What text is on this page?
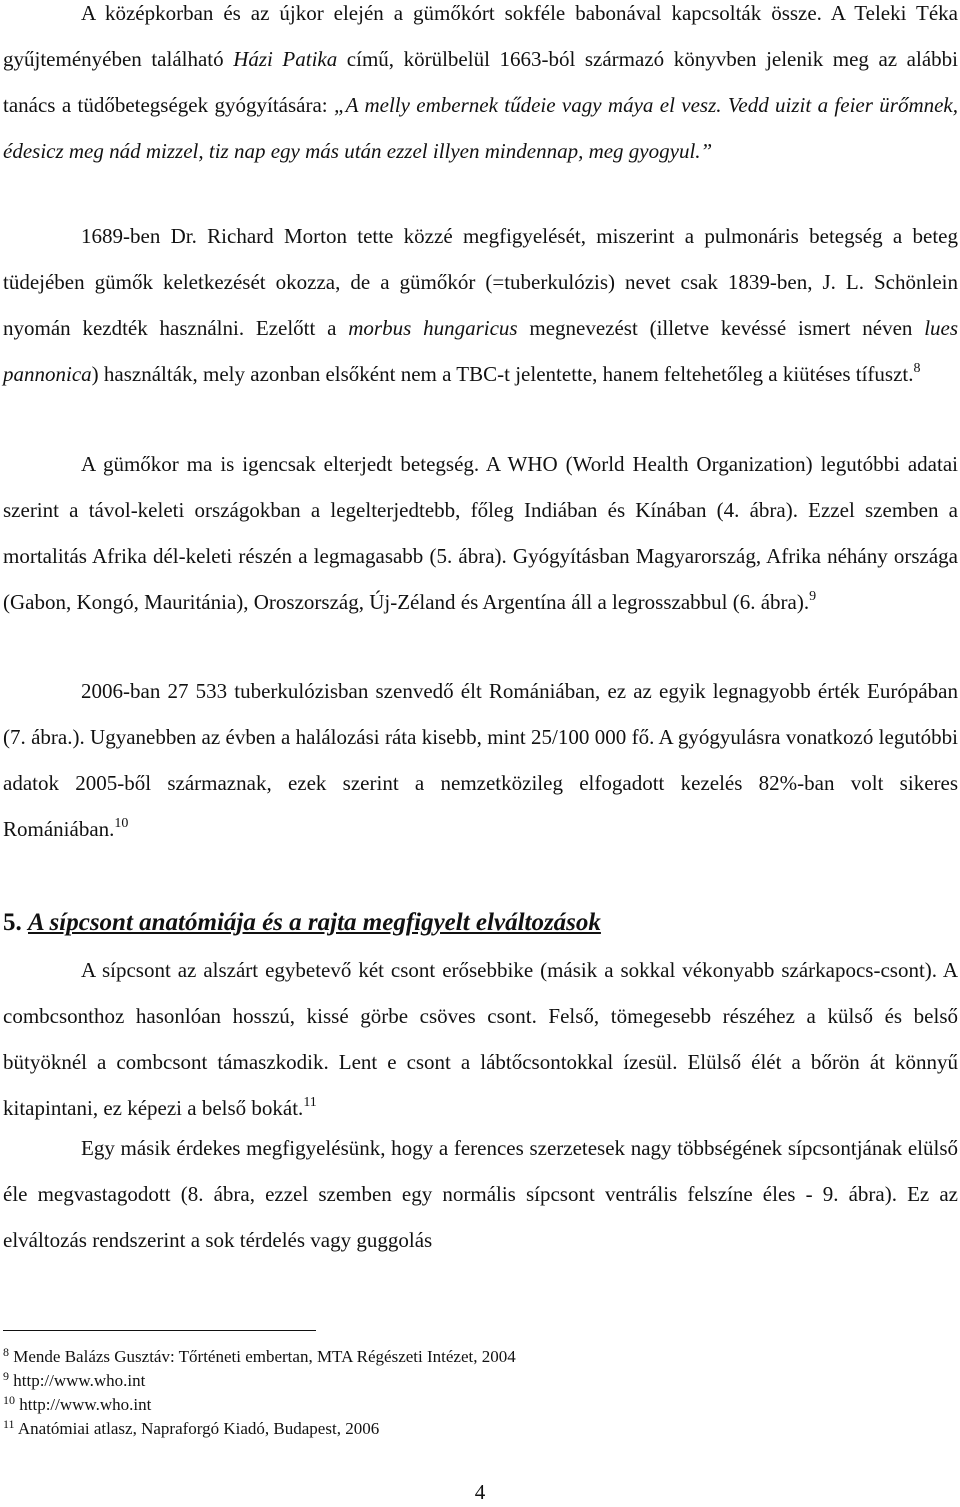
A középkorban és az újkor elején a gümőkórt sokféle babonával kapcsolták össze. A Teleki Téka gyűjteményében található Házi Patika című, körülbelül 1663-ból származó könyvben jelenik meg az alábbi tanács a tüdőbetegségek gyógyítására: „A melly embernek tűdeie vagy máya el vesz. Vedd uizit a feier ürőmnek, édesicz meg nád mizzel, tiz nap egy más után ezzel illyen mindennap, meg gyogyul.”

1689-ben Dr. Richard Morton tette közzé megfigyelését, miszerint a pulmonáris betegség a beteg tüdejében gümők keletkezését okozza, de a gümőkór (=tuberkulózis) nevet csak 1839-ben, J. L. Schönlein nyomán kezdték használni. Ezelőtt a morbus hungaricus megnevezést (illetve kevéssé ismert néven lues pannonica) használták, mely azonban elsőként nem a TBC-t jelentette, hanem feltehetőleg a kiütéses tífuszt.$^8$

A gümőkor ma is igencsak elterjedt betegség. A WHO (World Health Organization) legutóbbi adatai szerint a távol-keleti országokban a legelterjedtebb, főleg Indiában és Kínában (4. ábra). Ezzel szemben a mortalitás Afrika dél-keleti részén a legmagasabb (5. ábra). Gyógyításban Magyarország, Afrika néhány országa (Gabon, Kongó, Mauritánia), Oroszország, Új-Zéland és Argentína áll a legrosszabbul (6. ábra).$^9$

2006-ban 27 533 tuberkulózisban szenvedő élt Romániában, ez az egyik legnagyobb érték Európában (7. ábra.). Ugyanebben az évben a halálozási ráta kisebb, mint 25/100 000 fő. A gyógyulásra vonatkozó legutóbbi adatok 2005-ből származnak, ezek szerint a nemzetközileg elfogadott kezelés 82%-ban volt sikeres Romániában.$^{10}$

5. A sípcsont anatómiája és a rajta megfigyelt elváltozások

A sípcsont az alszárt egybetevő két csont erősebbike (másik a sokkal vékonyabb szárkapocs-csont). A combcsonthoz hasonlóan hosszú, kissé görbe csöves csont. Felső, tömegesebb részéhez a külső és belső bütyöknél a combcsont támaszkodik. Lent e csont a lábtőcsontokkal ízesül. Elülső élét a bőrön át könnyű kitapintani, ez képezi a belső bokát.$^{11}$

Egy másik érdekes megfigyelésünk, hogy a ferences szerzetesek nagy többségének sípcsontjának elülső éle megvastagodott (8. ábra, ezzel szemben egy normális sípcsont ventrális felszíne éles - 9. ábra). Ez az elváltozás rendszerint a sok térdelés vagy guggolás

$^8$ Mende Balázs Gusztáv: Tőrténeti embertan, MTA Régészeti Intézet, 2004
$^9$ http://www.who.int
$^{10}$ http://www.who.int
$^{11}$ Anatómiai atlasz, Napraforgó Kiadó, Budapest, 2006
4
